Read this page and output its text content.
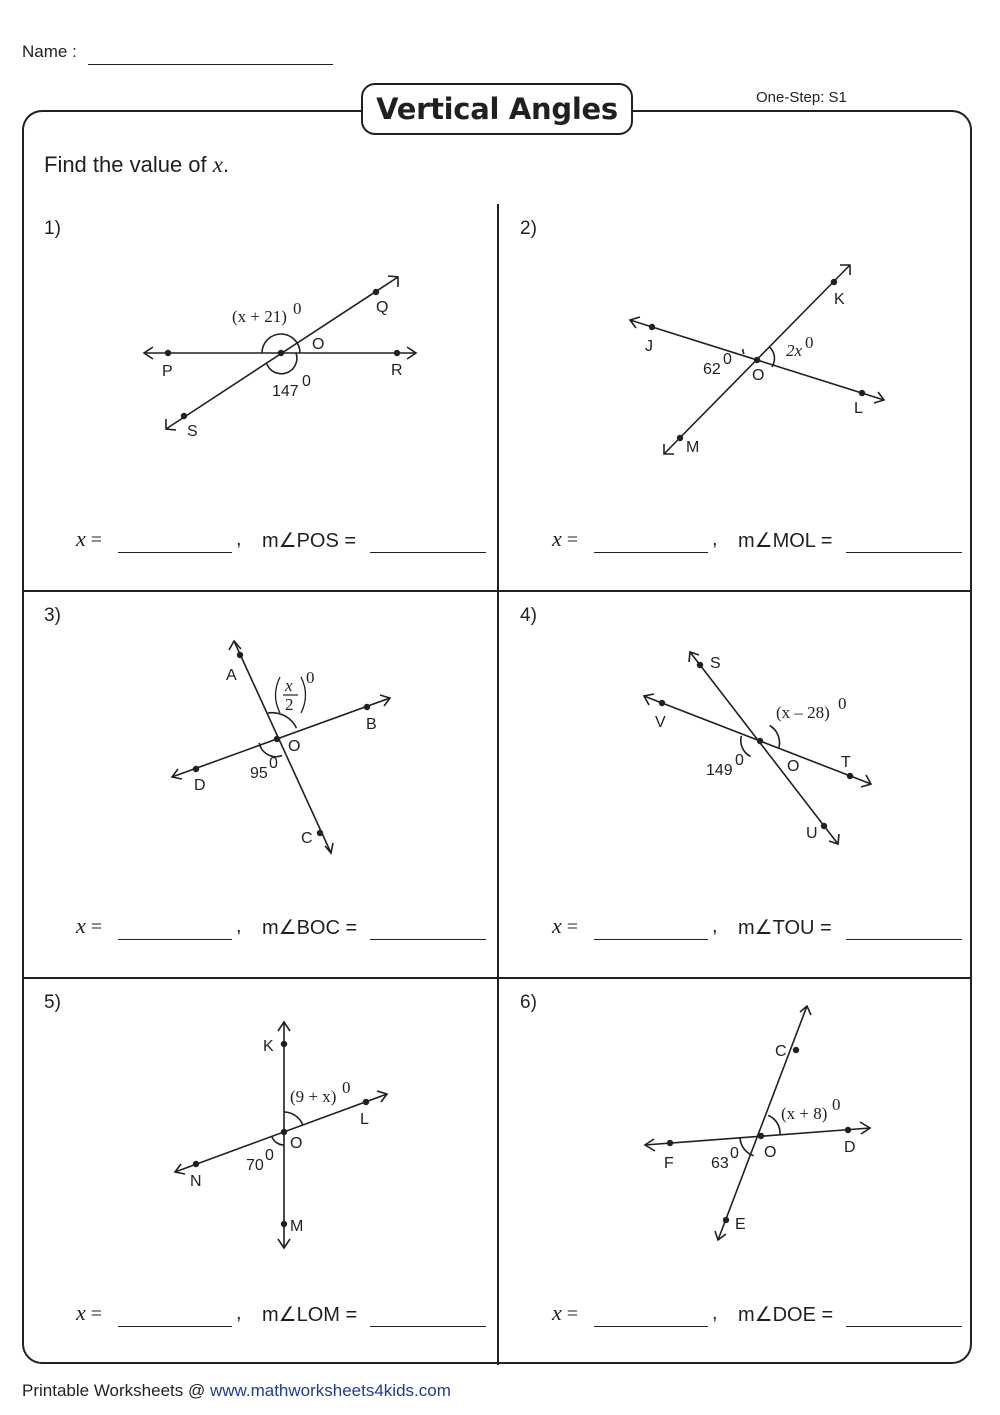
Name :
One-Step: S1
Vertical Angles
Find the value of x.
1)
P
Q
R
S
O
(x + 21) 0
147
0
x =	, m∠POS =
2)
J
K
L
M
O
62
0	2x 0
x =	, m∠MOL =
3)
A
B
C
D
O
x
2
0
95
0
x =	, m∠BOC =
4)
S
V
T
U
O
(x – 28) 0
149
0
x =	, m∠TOU =
5)
K
L
M
N
O
(9 + x) 0
70
0
x =	, m∠LOM =
6)
C
D
E
F
O
(x + 8) 0
63
0
x =	, m∠DOE =
Printable Worksheets @ www.mathworksheets4kids.com
